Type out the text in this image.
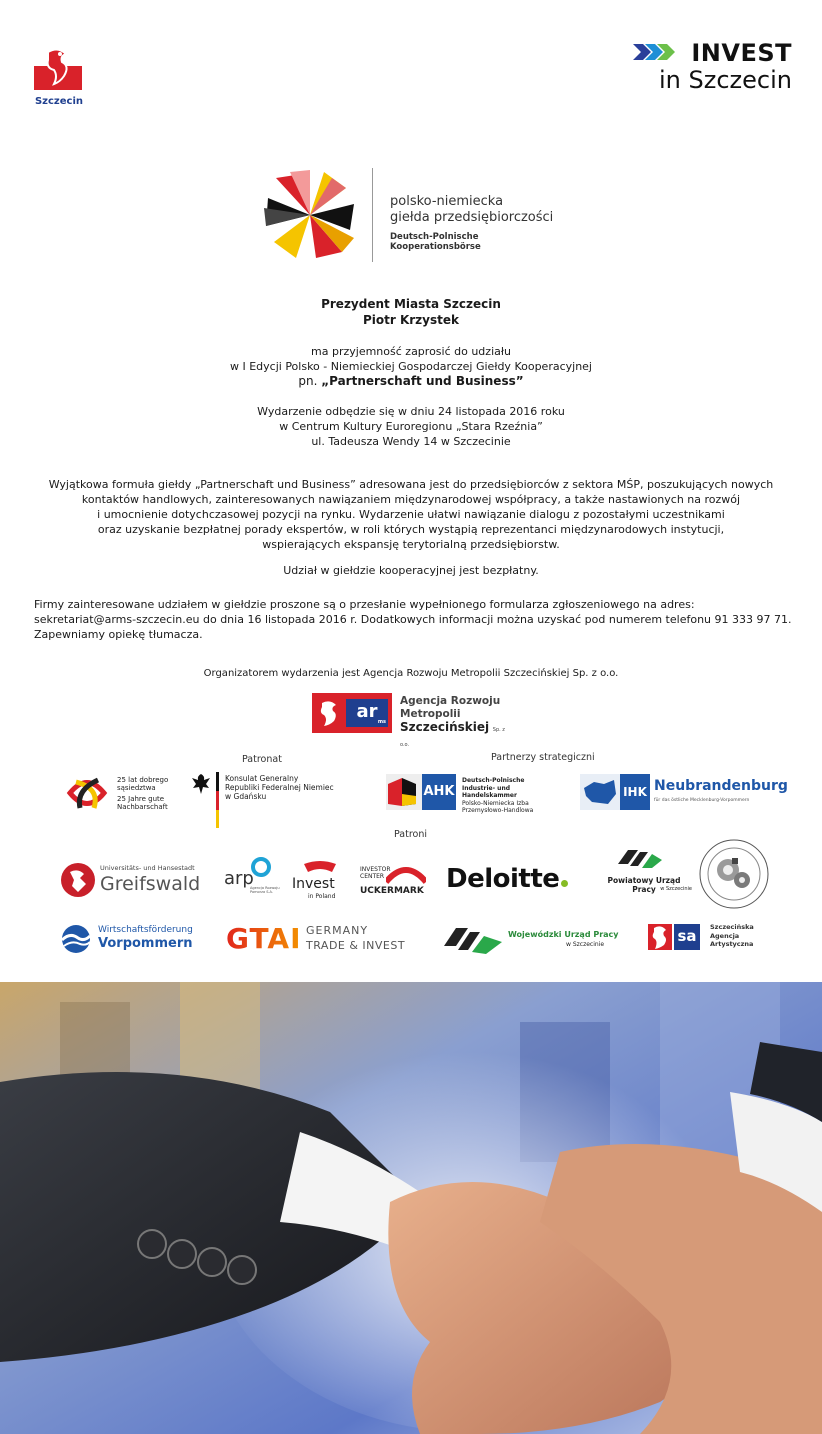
Szczecin
INVEST
in Szczecin
polsko-niemiecka
giełda przedsiębiorczości
Deutsch-Polnische Kooperationsbörse
Prezydent Miasta Szczecin
Piotr Krzystek
ma przyjemność zaprosić do udziału
w I Edycji Polsko - Niemieckiej Gospodarczej Giełdy Kooperacyjnej
pn. „Partnerschaft und Business”
Wydarzenie odbędzie się w dniu 24 listopada 2016 roku
w Centrum Kultury Euroregionu „Stara Rzeźnia”
ul. Tadeusza Wendy 14 w Szczecinie
Wyjątkowa formuła giełdy „Partnerschaft und Business” adresowana jest do przedsiębiorców z sektora MŚP, poszukujących nowych
kontaktów handlowych, zainteresowanych nawiązaniem międzynarodowej współpracy, a także nastawionych na rozwój
i umocnienie dotychczasowej pozycji na rynku. Wydarzenie ułatwi nawiązanie dialogu z pozostałymi uczestnikami
oraz uzyskanie bezpłatnej porady ekspertów, w roli których wystąpią reprezentanci międzynarodowych instytucji,
wspierających ekspansję terytorialną przedsiębiorstw.
Udział w giełdzie kooperacyjnej jest bezpłatny.
Firmy zainteresowane udziałem w giełdzie proszone są o przesłanie wypełnionego formularza zgłoszeniowego na adres:
sekretariat@arms-szczecin.eu do dnia 16 listopada 2016 r. Dodatkowych informacji można uzyskać pod numerem telefonu 91 333 97 71.
Zapewniamy opiekę tłumacza.
Organizatorem wydarzenia jest Agencja Rozwoju Metropolii Szczecińskiej Sp. z o.o.
ar ms
Agencja Rozwoju
Metropolii
Szczecińskiej Sp. z o.o.
Patronat	Partnerzy strategiczni
25 lat dobrego
sąsiedztwa
25 Jahre gute
Nachbarschaft
Konsulat Generalny
Republiki Federalnej Niemiec
w Gdańsku	AHK
Deutsch-Polnische
Industrie- und Handelskammer
Polsko-Niemiecka Izba
Przemysłowo-Handlowa
IHK Neubrandenburg
für das östliche Mecklenburg-Vorpommern
Patroni
Universitäts- und Hansestadt
Greifswald arp
Agencja Rozwoju Pomorza S.A.	Invest
in Poland
INVESTOR
CENTER
UCKERMARK Deloitte	Powiatowy Urząd Pracy w Szczecinie
Wirtschaftsförderung
Vorpommern GTAI GERMANY
TRADE & INVEST
Wojewódzki Urząd Pracy
w Szczecinie	sa	Szczecińska
Agencja
Artystyczna
